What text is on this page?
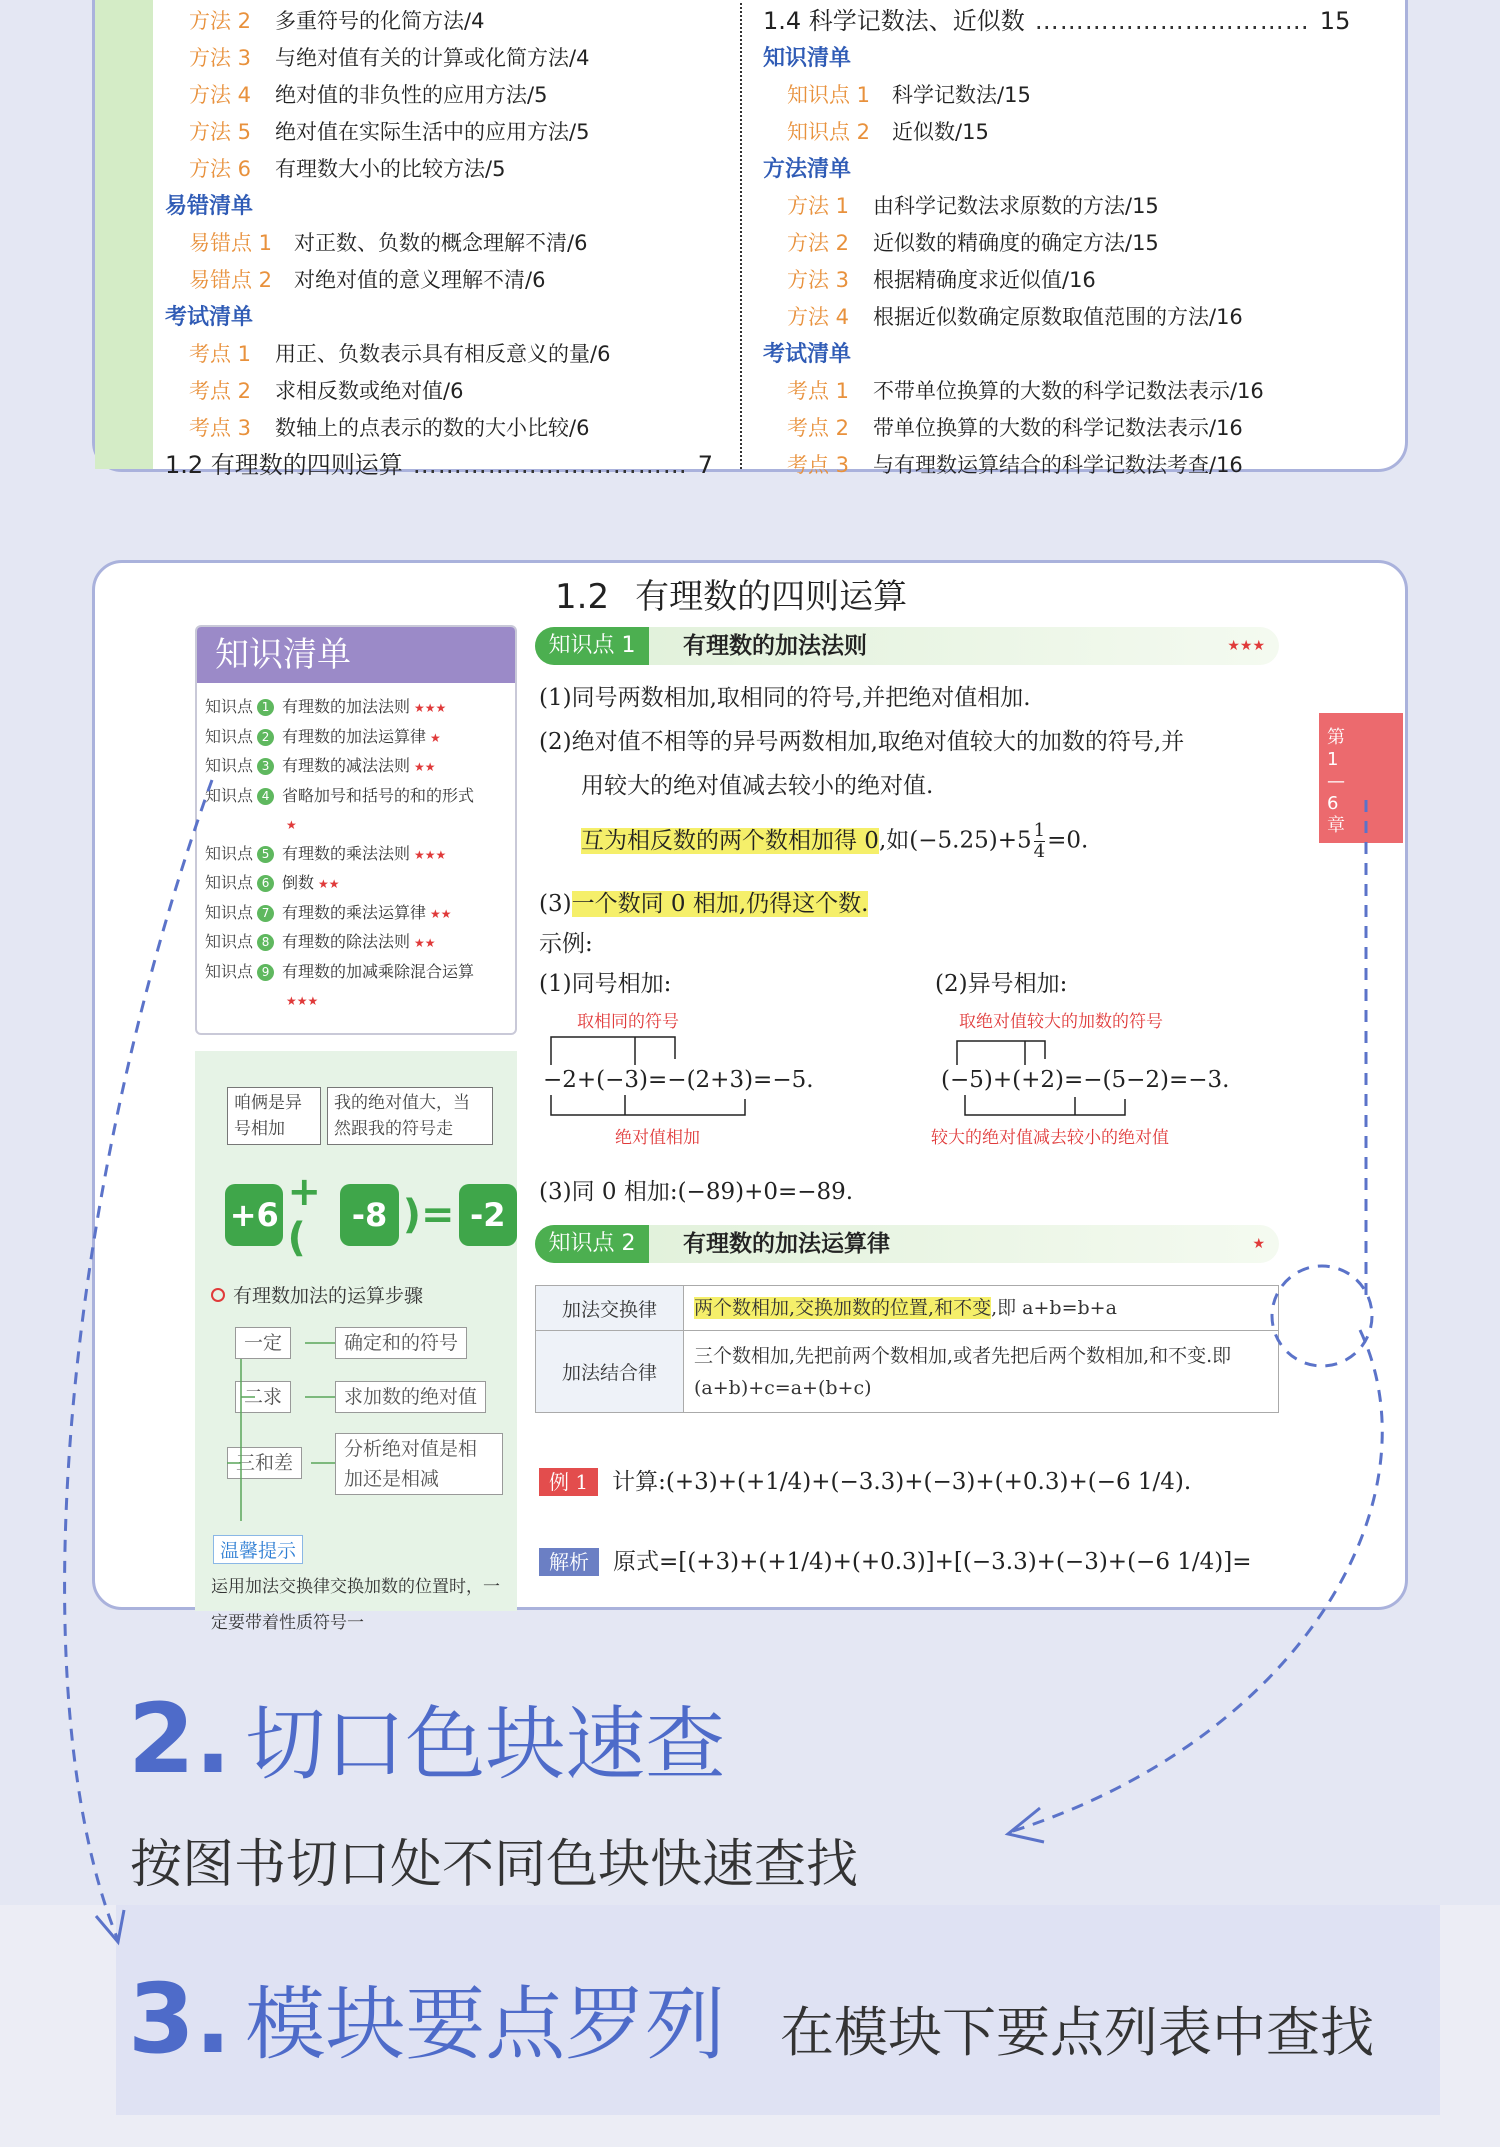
方法 2 多重符号的化简方法/4
方法 3 与绝对值有关的计算或化简方法/4
方法 4 绝对值的非负性的应用方法/5
方法 5 绝对值在实际生活中的应用方法/5
方法 6 有理数大小的比较方法/5
易错清单
易错点 1 对正数、负数的概念理解不清/6
易错点 2 对绝对值的意义理解不清/6
考试清单
考点 1 用正、负数表示具有相反意义的量/6
考点 2 求相反数或绝对值/6
考点 3 数轴上的点表示的数的大小比较/6
1.2 有理数的四则运算 …………………………… 7
1.4 科学记数法、近似数 …………………………… 15
知识清单
知识点 1 科学记数法/15
知识点 2 近似数/15
方法清单
方法 1 由科学记数法求原数的方法/15
方法 2 近似数的精确度的确定方法/15
方法 3 根据精确度求近似值/16
方法 4 根据近似数确定原数取值范围的方法/16
考试清单
考点 1 不带单位换算的大数的科学记数法表示/16
考点 2 带单位换算的大数的科学记数法表示/16
考点 3 与有理数运算结合的科学记数法考查/16
1.2 有理数的四则运算
知识清单
知识点 1 有理数的加法法则 ★★★
知识点 2 有理数的加法运算律 ★
知识点 3 有理数的减法法则 ★★
知识点 4 省略加号和括号的和的形式★
知识点 5 有理数的乘法法则 ★★★
知识点 6 倒数 ★★
知识点 7 有理数的乘法运算律 ★★
知识点 8 有理数的除法法则 ★★
知识点 9 有理数的加减乘除混合运算★★★
咱俩是异号相加
我的绝对值大，当然跟我的符号走
+6 +(	-8 )= -2
有理数加法的运算步骤
一定	确定和的符号
二求	求加数的绝对值
三和差
分析绝对值是相加还是相减
温馨提示
运用加法交换律交换加数的位置时，一定要带着性质符号一
知识点 1	有理数的加法法则	★★★
(1)同号两数相加,取相同的符号,并把绝对值相加.
(2)绝对值不相等的异号两数相加,取绝对值较大的加数的符号,并
用较大的绝对值减去较小的绝对值.
互为相反数的两个数相加得 0,如$(-5.25)+5 \frac{1}{4} =0$.
(3)一个数同 0 相加,仍得这个数.
示例:
(1)同号相加:	(2)异号相加:
取相同的符号
−2+(−3)=−(2+3)=−5.
绝对值相加
取绝对值较大的加数的符号
(−5)+(+2)=−(5−2)=−3.
较大的绝对值减去较小的绝对值
(3)同 0 相加:(−89)+0=−89.
知识点 2	有理数的加法运算律	★
加法交换律	两个数相加,交换加数的位置,和不变,即 a+b=b+a
加法结合律	三个数相加,先把前两个数相加,或者先把后两个数相加,和不变.即(a+b)+c=a+(b+c)
例 1 计算:(+3)+(+1/4)+(−3.3)+(−3)+(+0.3)+(−6 1/4).
解析 原式=[(+3)+(+1/4)+(+0.3)]+[(−3.3)+(−3)+(−6 1/4)]=
第1—6章
2. 切口色块速查
按图书切口处不同色块快速查找
3. 模块要点罗列 在模块下要点列表中查找
